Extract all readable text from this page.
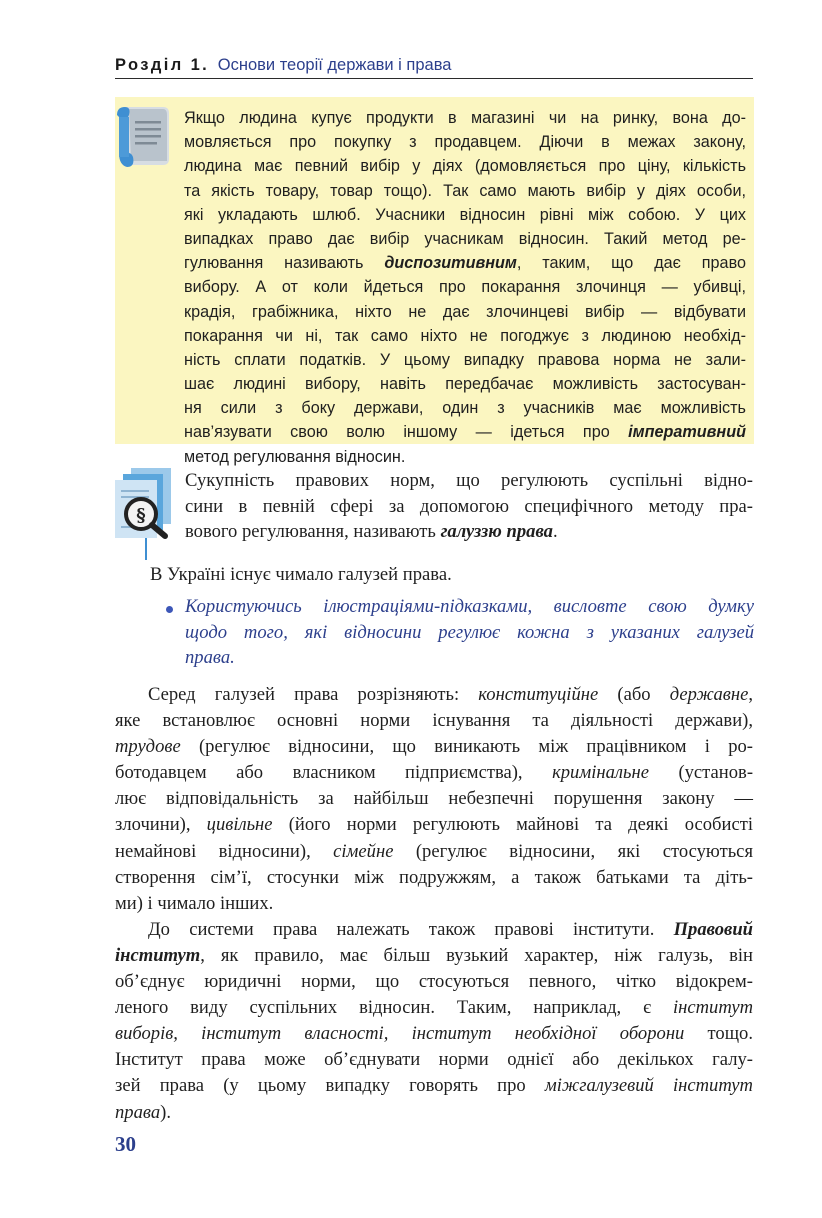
Розділ 1. Основи теорії держави і права
Якщо людина купує продукти в магазині чи на ринку, вона до-
мовляється про покупку з продавцем. Діючи в межах закону,
людина має певний вибір у діях (домовляється про ціну, кількість
та якість товару, товар тощо). Так само мають вибір у діях особи,
які укладають шлюб. Учасники відносин рівні між собою. У цих
випадках право дає вибір учасникам відносин. Такий метод ре-
гулювання називають диспозитивним, таким, що дає право
вибору. А от коли йдеться про покарання злочинця — убивці,
крадія, грабіжника, ніхто не дає злочинцеві вибір — відбувати
покарання чи ні, так само ніхто не погоджує з людиною необхід-
ність сплати податків. У цьому випадку правова норма не зали-
шає людині вибору, навіть передбачає можливість застосуван-
ня сили з боку держави, один з учасників має можливість
нав’язувати свою волю іншому — ідеться про імперативний
метод регулювання відносин.
§
Сукупність правових норм, що регулюють суспільні відно-
сини в певній сфері за допомогою специфічного методу пра-
вового регулювання, називають галуззю права.
В Україні існує чимало галузей права.
Користуючись ілюстраціями-підказками, висловте свою думку
щодо того, які відносини регулює кожна з указаних галузей
права.
Серед галузей права розрізняють: конституційне (або державне,
яке встановлює основні норми існування та діяльності держави),
трудове (регулює відносини, що виникають між працівником і ро-
ботодавцем або власником підприємства), кримінальне (установ-
лює відповідальність за найбільш небезпечні порушення закону —
злочини), цивільне (його норми регулюють майнові та деякі особисті
немайнові відносини), сімейне (регулює відносини, які стосуються
створення сім’ї, стосунки між подружжям, а також батьками та діть-
ми) і чимало інших.
До системи права належать також правові інститути. Правовий
інститут, як правило, має більш вузький характер, ніж галузь, він
об’єднує юридичні норми, що стосуються певного, чітко відокрем-
леного виду суспільних відносин. Таким, наприклад, є інститут
виборів, інститут власності, інститут необхідної оборони тощо.
Інститут права може об’єднувати норми однієї або декількох галу-
зей права (у цьому випадку говорять про міжгалузевий інститут
права).
30
